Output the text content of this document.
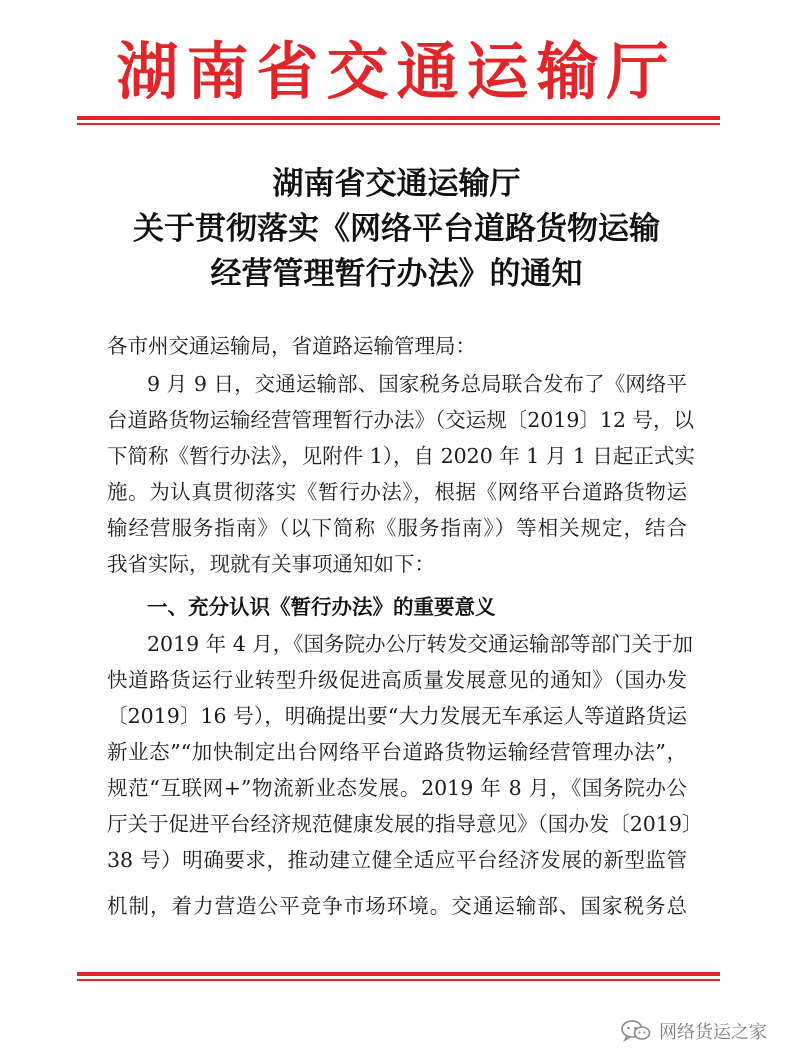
湖南省交通运输厅
湖南省交通运输厅
关于贯彻落实《网络平台道路货物运输
经营管理暂行办法》的通知
各市州交通运输局，省道路运输管理局：
9 月 9 日，交通运输部、国家税务总局联合发布了《网络平
台道路货物运输经营管理暂行办法》（交运规〔2019〕12 号，以
下简称《暂行办法》，见附件 1），自 2020 年 1 月 1 日起正式实
施。为认真贯彻落实《暂行办法》，根据《网络平台道路货物运
输经营服务指南》（以下简称《服务指南》）等相关规定，结合
我省实际，现就有关事项通知如下：
一、充分认识《暂行办法》的重要意义
2019 年 4 月，《国务院办公厅转发交通运输部等部门关于加
快道路货运行业转型升级促进高质量发展意见的通知》（国办发
〔2019〕16 号），明确提出要“大力发展无车承运人等道路货运
新业态”“加快制定出台网络平台道路货物运输经营管理办法”，
规范“互联网+”物流新业态发展。2019 年 8 月，《国务院办公
厅关于促进平台经济规范健康发展的指导意见》（国办发〔2019〕
38 号）明确要求，推动建立健全适应平台经济发展的新型监管
机制，着力营造公平竞争市场环境。交通运输部、国家税务总
网络货运之家
